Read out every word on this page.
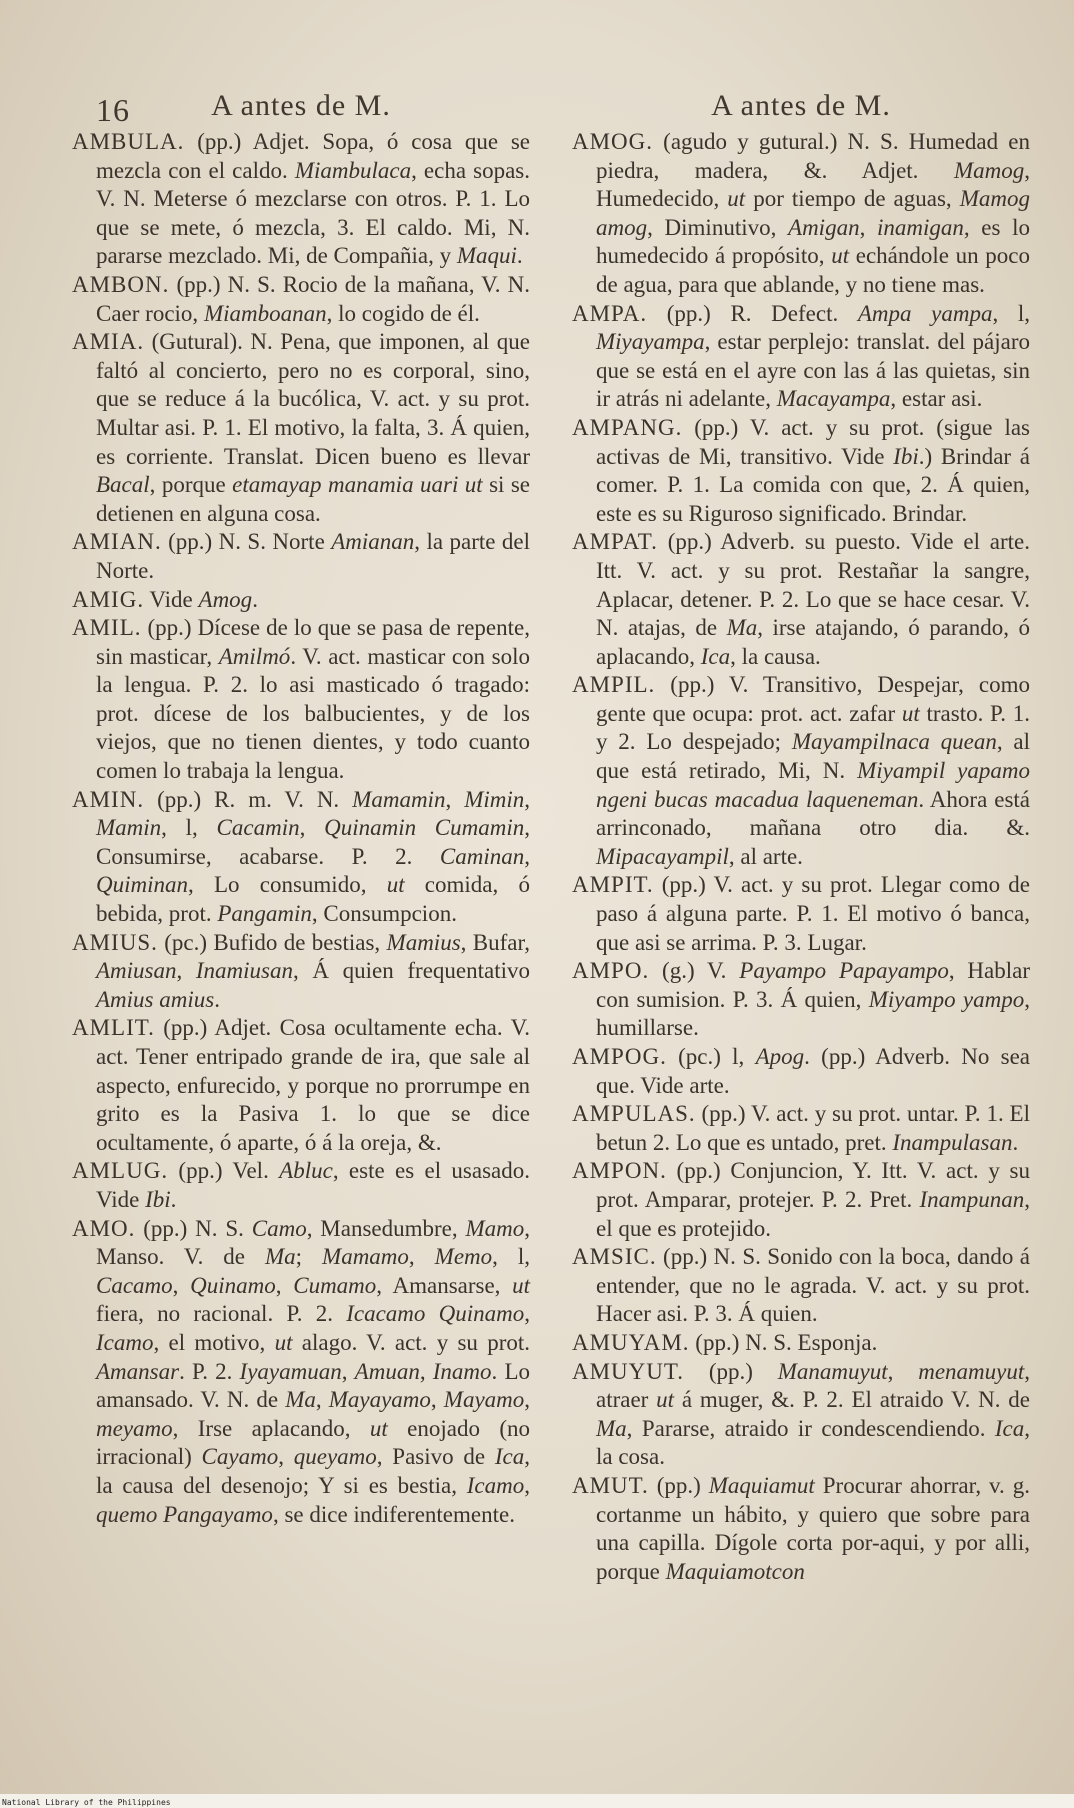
16	A antes de M.

AMBULA. (pp.) Adjet. Sopa, ó cosa que se mezcla con el caldo. Miambulaca, echa sopas. V. N. Meterse ó mezclarse con otros. P. 1. Lo que se mete, ó mezcla, 3. El caldo. Mi, N. pararse mezclado. Mi, de Compañia, y Maqui.

AMBON. (pp.) N. S. Rocio de la mañana, V. N. Caer rocio, Miamboanan, lo cogido de él.

AMIA. (Gutural). N. Pena, que imponen, al que faltó al concierto, pero no es corporal, sino, que se reduce á la bucólica, V. act. y su prot. Multar asi. P. 1. El motivo, la falta, 3. Á quien, es corriente. Translat. Dicen bueno es llevar Bacal, porque etamayap manamia uari ut si se detienen en alguna cosa.

AMIAN. (pp.) N. S. Norte Amianan, la parte del Norte.

AMIG. Vide Amog.

AMIL. (pp.) Dícese de lo que se pasa de repente, sin masticar, Amilmó. V. act. masticar con solo la lengua. P. 2. lo asi masticado ó tragado: prot. dícese de los balbucientes, y de los viejos, que no tienen dientes, y todo cuanto comen lo trabaja la lengua.

AMIN. (pp.) R. m. V. N. Mamamin, Mimin, Mamin, l, Cacamin, Quinamin Cumamin, Consumirse, acabarse. P. 2. Caminan, Quiminan, Lo consumido, ut comida, ó bebida, prot. Pangamin, Consumpcion.

AMIUS. (pc.) Bufido de bestias, Mamius, Bufar, Amiusan, Inamiusan, Á quien frequentativo Amius amius.

AMLIT. (pp.) Adjet. Cosa ocultamente echa. V. act. Tener entripado grande de ira, que sale al aspecto, enfurecido, y porque no prorrumpe en grito es la Pasiva 1. lo que se dice ocultamente, ó aparte, ó á la oreja, &.

AMLUG. (pp.) Vel. Abluc, este es el usasado. Vide Ibi.

AMO. (pp.) N. S. Camo, Mansedumbre, Mamo, Manso. V. de Ma; Mamamo, Memo, l, Cacamo, Quinamo, Cumamo, Amansarse, ut fiera, no racional. P. 2. Icacamo Quinamo, Icamo, el motivo, ut alago. V. act. y su prot. Amansar. P. 2. Iyayamuan, Amuan, Inamo. Lo amansado. V. N. de Ma, Mayayamo, Mayamo, meyamo, Irse aplacando, ut enojado (no irracional) Cayamo, queyamo, Pasivo de Ica, la causa del desenojo; Y si es bestia, Icamo, quemo Pangayamo, se dice indiferentemente.

A antes de M.

AMOG. (agudo y gutural.) N. S. Humedad en piedra, madera, &. Adjet. Mamog, Humedecido, ut por tiempo de aguas, Mamog amog, Diminutivo, Amigan, inamigan, es lo humedecido á propósito, ut echándole un poco de agua, para que ablande, y no tiene mas.

AMPA. (pp.) R. Defect. Ampa yampa, l, Miyayampa, estar perplejo: translat. del pájaro que se está en el ayre con las á las quietas, sin ir atrás ni adelante, Macayampa, estar asi.

AMPANG. (pp.) V. act. y su prot. (sigue las activas de Mi, transitivo. Vide Ibi.) Brindar á comer. P. 1. La comida con que, 2. Á quien, este es su Riguroso significado. Brindar.

AMPAT. (pp.) Adverb. su puesto. Vide el arte. Itt. V. act. y su prot. Restañar la sangre, Aplacar, detener. P. 2. Lo que se hace cesar. V. N. atajas, de Ma, irse atajando, ó parando, ó aplacando, Ica, la causa.

AMPIL. (pp.) V. Transitivo, Despejar, como gente que ocupa: prot. act. zafar ut trasto. P. 1. y 2. Lo despejado; Mayampilnaca quean, al que está retirado, Mi, N. Miyampil yapamo ngeni bucas macadua laqueneman. Ahora está arrinconado, mañana otro dia. &. Mipacayampil, al arte.

AMPIT. (pp.) V. act. y su prot. Llegar como de paso á alguna parte. P. 1. El motivo ó banca, que asi se arrima. P. 3. Lugar.

AMPO. (g.) V. Payampo Papayampo, Hablar con sumision. P. 3. Á quien, Miyampo yampo, humillarse.

AMPOG. (pc.) l, Apog. (pp.) Adverb. No sea que. Vide arte.

AMPULAS. (pp.) V. act. y su prot. untar. P. 1. El betun 2. Lo que es untado, pret. Inampulasan.

AMPON. (pp.) Conjuncion, Y. Itt. V. act. y su prot. Amparar, protejer. P. 2. Pret. Inampunan, el que es protejido.

AMSIC. (pp.) N. S. Sonido con la boca, dando á entender, que no le agrada. V. act. y su prot. Hacer asi. P. 3. Á quien.

AMUYAM. (pp.) N. S. Esponja.

AMUYUT. (pp.) Manamuyut, menamuyut, atraer ut á muger, &. P. 2. El atraido V. N. de Ma, Pararse, atraido ir condescendiendo. Ica, la cosa.

AMUT. (pp.) Maquiamut Procurar ahorrar, v. g. cortanme un hábito, y quiero que sobre para una capilla. Dígole corta por-aqui, y por alli, porque Maquiamotcon

National Library of the Philippines
